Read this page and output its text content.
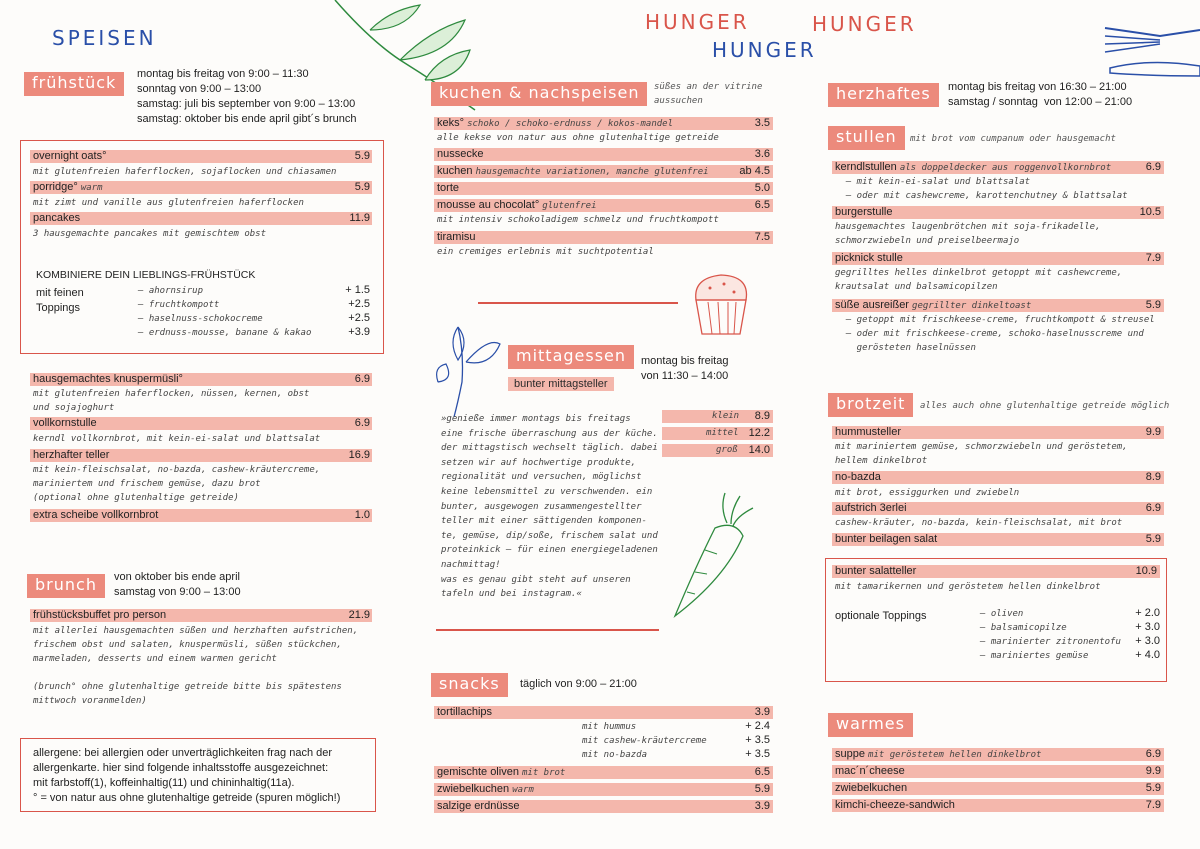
SPEISEN
HUNGER	HUNGER
HUNGER
frühstück	montag bis freitag von 9:00 – 11:30
sonntag von 9:00 – 13:00
samstag: juli bis september von 9:00 – 13:00
samstag: oktober bis ende april gibt´s brunch
overnight oats°	5.9
mit glutenfreien haferflocken, sojaflocken und chiasamen
porridge° warm	5.9
mit zimt und vanille aus glutenfreien haferflocken
pancakes	11.9
3 hausgemachte pancakes mit gemischtem obst
KOMBINIERE DEIN LIEBLINGS-FRÜHSTÜCK
mit feinen
Toppings
– ahornsirup	+ 1.5
– fruchtkompott	+2.5
– haselnuss-schokocreme	+2.5
– erdnuss-mousse, banane & kakao	+3.9
hausgemachtes knuspermüsli°	6.9
mit glutenfreien haferflocken, nüssen, kernen, obst
und sojajoghurt
vollkornstulle	6.9
kerndl vollkornbrot, mit kein-ei-salat und blattsalat
herzhafter teller	16.9
mit kein-fleischsalat, no-bazda, cashew-kräutercreme,
mariniertem und frischem gemüse, dazu brot
(optional ohne glutenhaltige getreide)
extra scheibe vollkornbrot	1.0
brunch	von oktober bis ende april
samstag von 9:00 – 13:00
frühstücksbuffet pro person	21.9
mit allerlei hausgemachten süßen und herzhaften aufstrichen,
frischem obst und salaten, knuspermüsli, süßen stückchen,
marmeladen, desserts und einem warmen gericht

(brunch° ohne glutenhaltige getreide bitte bis spätestens
mittwoch voranmelden)
allergene: bei allergien oder unverträglichkeiten frag nach der
allergenkarte. hier sind folgende inhaltsstoffe ausgezeichnet:
mit farbstoff(1), koffeinhaltig(11) und chininhaltig(11a).
° = von natur aus ohne glutenhaltige getreide (spuren möglich!)
kuchen & nachspeisen	süßes an der vitrine
aussuchen
keks° schoko / schoko-erdnuss / kokos-mandel	3.5
alle kekse von natur aus ohne glutenhaltige getreide
nussecke	3.6
kuchen hausgemachte variationen, manche glutenfrei	ab 4.5
torte	5.0
mousse au chocolat° glutenfrei	6.5
mit intensiv schokoladigem schmelz und fruchtkompott
tiramisu	7.5
ein cremiges erlebnis mit suchtpotential
mittagessen
bunter mittagsteller
montag bis freitag
von 11:30 – 14:00
klein	8.9
mittel 12.2
groß 14.0
»genieße immer montags bis freitags
eine frische überraschung aus der küche.
der mittagstisch wechselt täglich. dabei
setzen wir auf hochwertige produkte,
regionalität und versuchen, möglichst
keine lebensmittel zu verschwenden. ein
bunter, ausgewogen zusammengestellter
teller mit einer sättigenden komponen-
te, gemüse, dip/soße, frischem salat und
proteinkick – für einen energiegeladenen
nachmittag!
was es genau gibt steht auf unseren
tafeln und bei instagram.«
snacks	täglich von 9:00 – 21:00
tortillachips	3.9
mit hummus	+ 2.4
mit cashew-kräutercreme	+ 3.5
mit no-bazda	+ 3.5
gemischte oliven mit brot	6.5
zwiebelkuchen warm	5.9
salzige erdnüsse	3.9
herzhaftes	montag bis freitag von 16:30 – 21:00
samstag / sonntag  von 12:00 – 21:00
stullen	mit brot vom cumpanum oder hausgemacht
kerndlstullen als doppeldecker aus roggenvollkornbrot	6.9
– mit kein-ei-salat und blattsalat
– oder mit cashewcreme, karottenchutney & blattsalat
burgerstulle	10.5
hausgemachtes laugenbrötchen mit soja-frikadelle,
schmorzwiebeln und preiselbeermajo
picknick stulle	7.9
gegrilltes helles dinkelbrot getoppt mit cashewcreme,
krautsalat und balsamicopilzen
süße ausreißer gegrillter dinkeltoast	5.9
– getoppt mit frischkeese-creme, fruchtkompott & streusel
– oder mit frischkeese-creme, schoko-haselnusscreme und
gerösteten haselnüssen
brotzeit	alles auch ohne glutenhaltige getreide möglich
hummusteller	9.9
mit mariniertem gemüse, schmorzwiebeln und geröstetem,
hellem dinkelbrot
no-bazda	8.9
mit brot, essiggurken und zwiebeln
aufstrich 3erlei	6.9
cashew-kräuter, no-bazda, kein-fleischsalat, mit brot
bunter beilagen salat	5.9
bunter salatteller	10.9
mit tamarikernen und geröstetem hellen dinkelbrot
optionale Toppings	– oliven	+ 2.0
– balsamicopilze	+ 3.0
– marinierter zitronentofu	+ 3.0
– mariniertes gemüse	+ 4.0
warmes
suppe mit geröstetem hellen dinkelbrot	6.9
mac´n´cheese	9.9
zwiebelkuchen	5.9
kimchi-cheeze-sandwich	7.9
